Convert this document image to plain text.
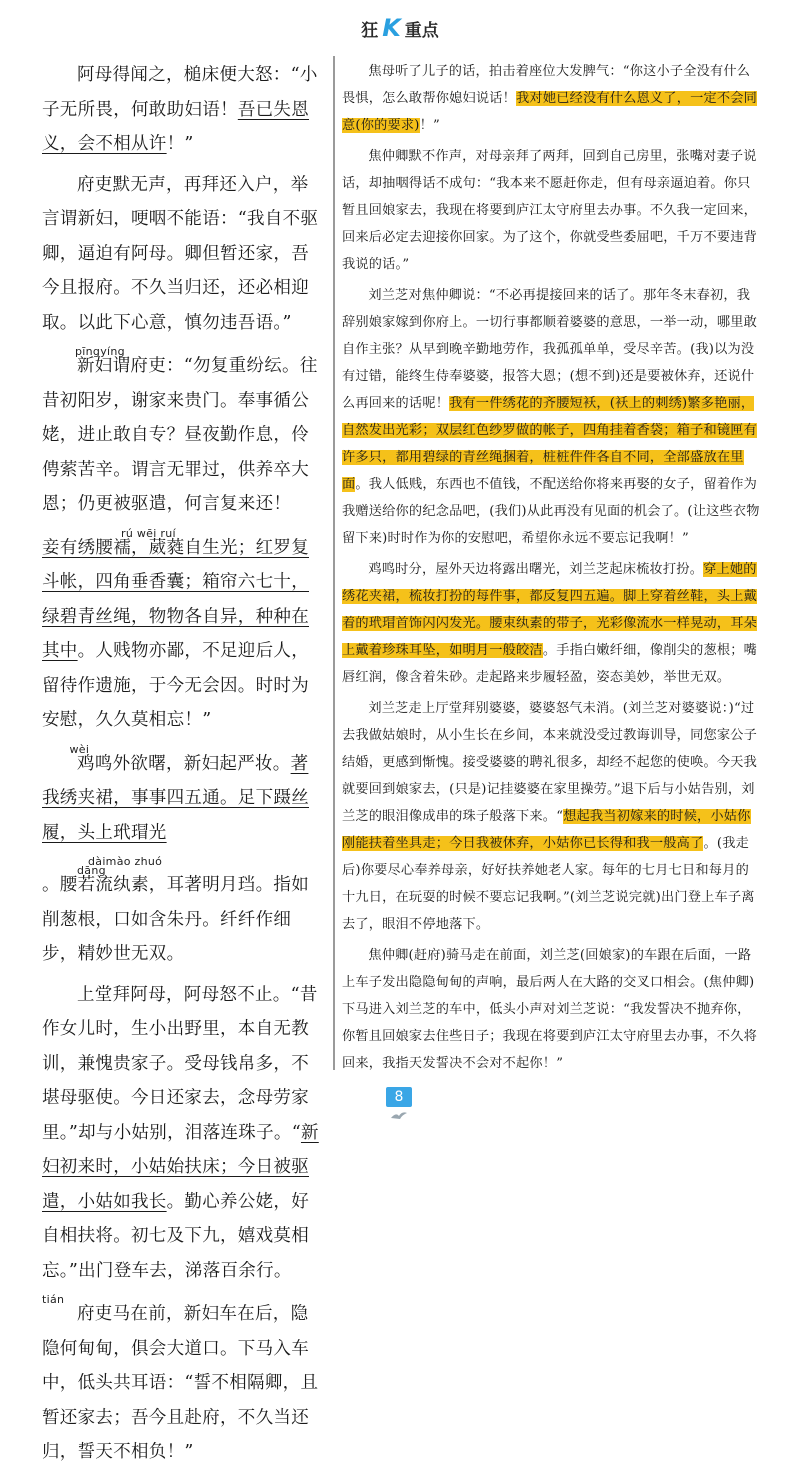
狂 K 重点

阿母得闻之，槌床便大怒：“小子无所畏，何敢助妇语！吾已失恩义，会不相从许！”

府吏默无声，再拜还入户，举言谓新妇，哽咽不能语：“我自不驱卿，逼迫有阿母。卿但暂还家，吾今且报府。不久当归还，还必相迎取。以此下心意，慎勿违吾语。”

pīngyíng

新妇谓府吏：“勿复重纷纭。往昔初阳岁，谢家来贵门。奉事循公姥，进止敢自专？昼夜勤作息，伶俜萦苦辛。谓言无罪过，供养卒大恩；仍更被驱遣，何言复来还！
rú wēi ruí
妾有绣腰襦，葳蕤自生光；红罗复斗帐，四角垂香囊；箱帘六七十，绿碧青丝绳，物物各自异，种种在其中。人贱物亦鄙，不足迎后人，留待作遗施，于今无会因。时时为安慰，久久莫相忘！”

wèi

鸡鸣外欲曙，新妇起严妆。著我绣夹裙，事事四五通。足下蹑丝履，头上玳瑁光
dàimào zhuó
dāng
。腰若流纨素，耳著明月珰。指如削葱根，口如含朱丹。纤纤作细步，精妙世无双。

上堂拜阿母，阿母怒不止。“昔作女儿时，生小出野里，本自无教训，兼愧贵家子。受母钱帛多，不堪母驱使。今日还家去，念母劳家里。”却与小姑别，泪落连珠子。“新妇初来时，小姑始扶床；今日被驱遣，小姑如我长。勤心养公姥，好自相扶将。初七及下九，嬉戏莫相忘。”出门登车去，涕落百余行。

tián

府吏马在前，新妇车在后，隐隐何甸甸，俱会大道口。下马入车中，低头共耳语：“誓不相隔卿，且暂还家去；吾今且赴府，不久当还归，誓天不相负！”

焦母听了儿子的话，拍击着座位大发脾气：“你这小子全没有什么畏惧，怎么敢帮你媳妇说话！我对她已经没有什么恩义了，一定不会同意(你的要求)！”

焦仲卿默不作声，对母亲拜了两拜，回到自己房里，张嘴对妻子说话，却抽咽得话不成句：“我本来不愿赶你走，但有母亲逼迫着。你只暂且回娘家去，我现在将要到庐江太守府里去办事。不久我一定回来，回来后必定去迎接你回家。为了这个，你就受些委屈吧，千万不要违背我说的话。”

刘兰芝对焦仲卿说：“不必再提接回来的话了。那年冬末春初，我辞别娘家嫁到你府上。一切行事都顺着婆婆的意思，一举一动，哪里敢自作主张？从早到晚辛勤地劳作，我孤孤单单，受尽辛苦。(我)以为没有过错，能终生侍奉婆婆，报答大恩；(想不到)还是要被休弃，还说什么再回来的话呢！我有一件绣花的齐腰短袄，(袄上的刺绣)繁多艳丽，自然发出光彩；双层红色纱罗做的帐子，四角挂着香袋；箱子和镜匣有许多只，都用碧绿的青丝绳捆着，桩桩件件各自不同，全部盛放在里面。我人低贱，东西也不值钱，不配送给你将来再娶的女子，留着作为我赠送给你的纪念品吧，(我们)从此再没有见面的机会了。(让这些衣物留下来)时时作为你的安慰吧，希望你永远不要忘记我啊！”

鸡鸣时分，屋外天边将露出曙光，刘兰芝起床梳妆打扮。穿上她的绣花夹裙，梳妆打扮的每件事，都反复四五遍。脚上穿着丝鞋，头上戴着的玳瑁首饰闪闪发光。腰束纨素的带子，光彩像流水一样晃动，耳朵上戴着珍珠耳坠，如明月一般皎洁。手指白嫩纤细，像削尖的葱根；嘴唇红润，像含着朱砂。走起路来步履轻盈，姿态美妙，举世无双。

刘兰芝走上厅堂拜别婆婆，婆婆怒气未消。(刘兰芝对婆婆说：)“过去我做姑娘时，从小生长在乡间，本来就没受过教诲训导，同您家公子结婚，更感到惭愧。接受婆婆的聘礼很多，却经不起您的使唤。今天我就要回到娘家去，(只是)记挂婆婆在家里操劳。”退下后与小姑告别，刘兰芝的眼泪像成串的珠子般落下来。“想起我当初嫁来的时候，小姑你刚能扶着坐具走；今日我被休弃，小姑你已长得和我一般高了。(我走后)你要尽心奉养母亲，好好扶养她老人家。每年的七月七日和每月的十九日，在玩耍的时候不要忘记我啊。”(刘兰芝说完就)出门登上车子离去了，眼泪不停地落下。

焦仲卿(赶府)骑马走在前面，刘兰芝(回娘家)的车跟在后面，一路上车子发出隐隐甸甸的声响，最后两人在大路的交叉口相会。(焦仲卿)下马进入刘兰芝的车中，低头小声对刘兰芝说：“我发誓决不抛弃你，你暂且回娘家去住些日子；我现在将要到庐江太守府里去办事，不久将回来，我指天发誓决不会对不起你！”

8
